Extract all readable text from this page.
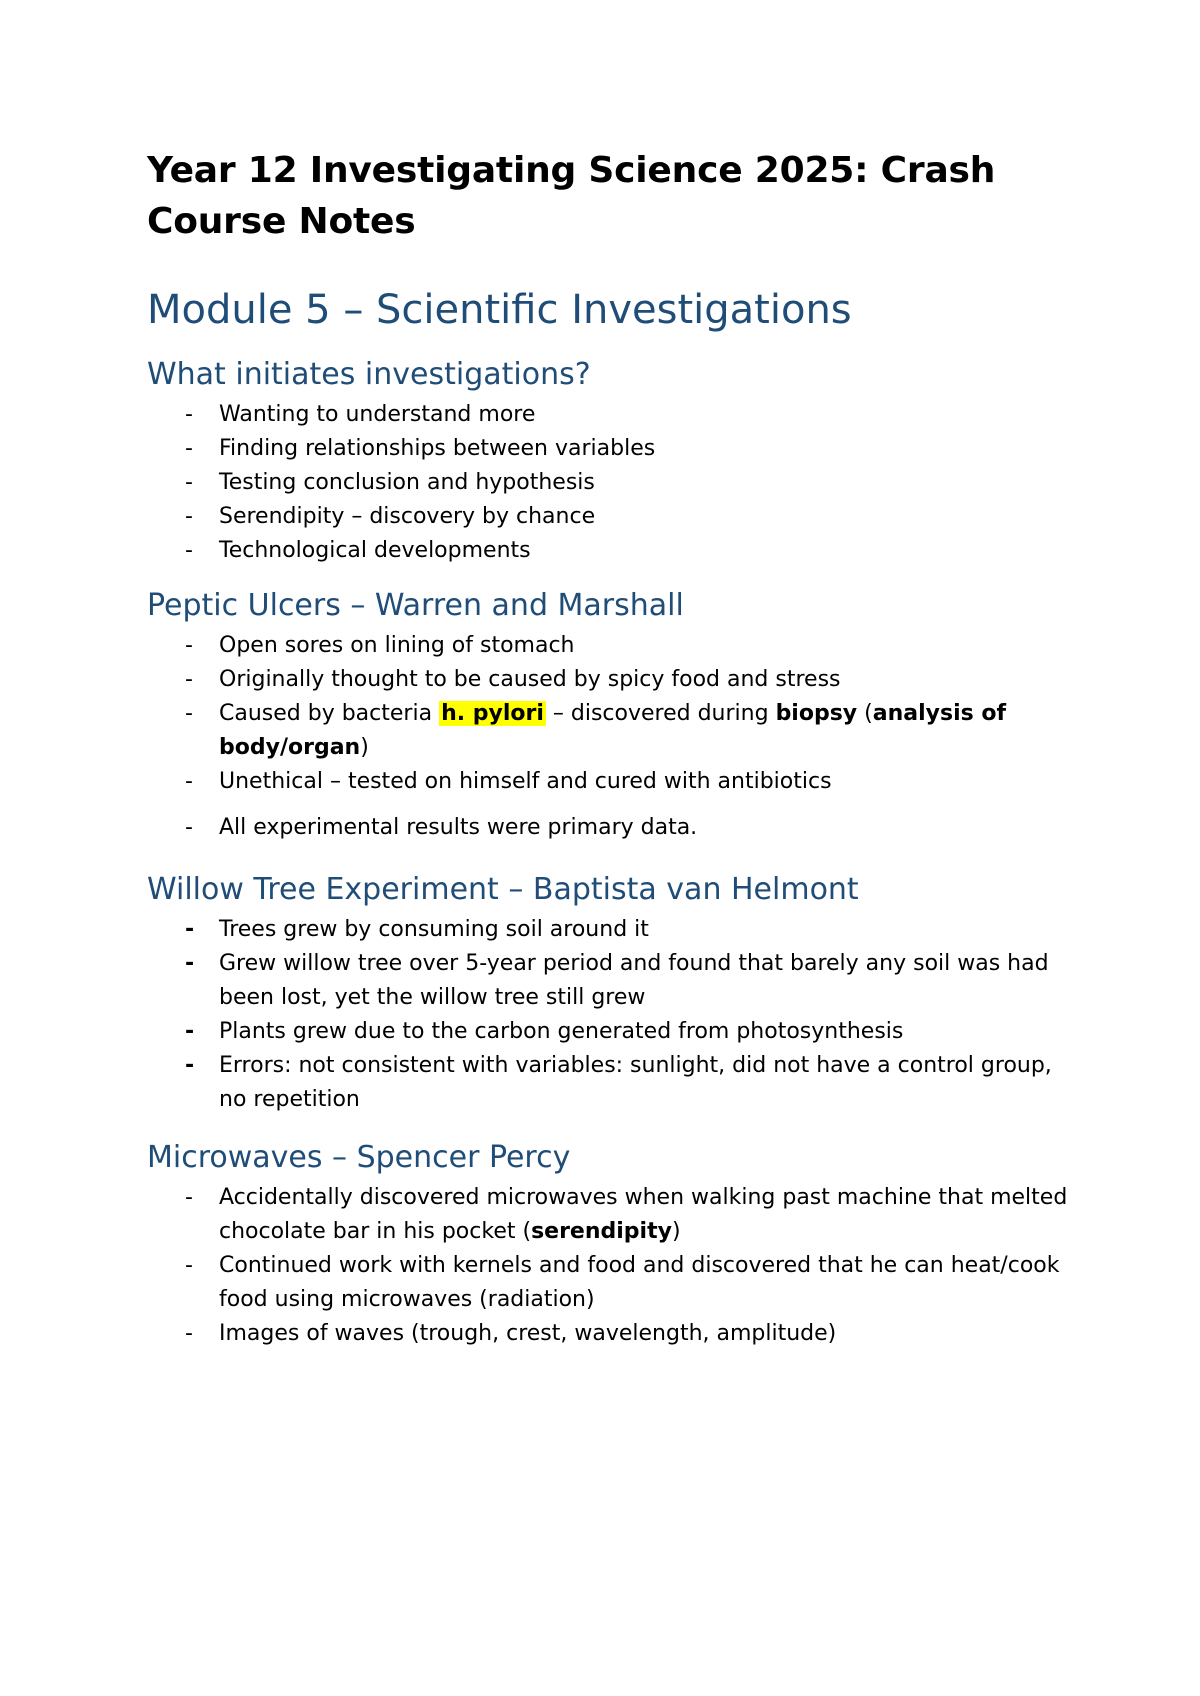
Year 12 Investigating Science 2025: Crash Course Notes
Module 5 – Scientific Investigations
What initiates investigations?
-	Wanting to understand more
-	Finding relationships between variables
-	Testing conclusion and hypothesis
-	Serendipity – discovery by chance
-	Technological developments
Peptic Ulcers – Warren and Marshall
-	Open sores on lining of stomach
-	Originally thought to be caused by spicy food and stress
-	Caused by bacteria h. pylori – discovered during biopsy (analysis of body/organ)
-	Unethical – tested on himself and cured with antibiotics
-	All experimental results were primary data.
Willow Tree Experiment – Baptista van Helmont
-	Trees grew by consuming soil around it
-	Grew willow tree over 5-year period and found that barely any soil was had been lost, yet the willow tree still grew
-	Plants grew due to the carbon generated from photosynthesis
-	Errors: not consistent with variables: sunlight, did not have a control group, no repetition
Microwaves – Spencer Percy
-	Accidentally discovered microwaves when walking past machine that melted chocolate bar in his pocket (serendipity)
-	Continued work with kernels and food and discovered that he can heat/cook food using microwaves (radiation)
-	Images of waves (trough, crest, wavelength, amplitude)
